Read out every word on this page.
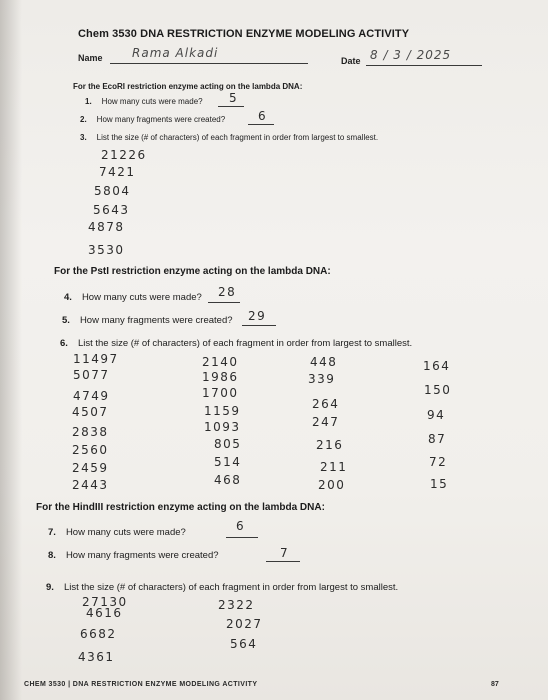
Chem 3530 DNA RESTRICTION ENZYME MODELING ACTIVITY
Name Rama Alkadi
Date 8 / 3 / 2025
For the EcoRI restriction enzyme acting on the lambda DNA:
1. How many cuts were made? 5
2. How many fragments were created?	6
3. List the size (# of characters) of each fragment in order from largest to smallest.
21226
7421
5804
5643
4878
3530
For the PstI restriction enzyme acting on the lambda DNA:
4. How many cuts were made? 28
5. How many fragments were created? 29
6. List the size (# of characters) of each fragment in order from largest to smallest.
11497
5077
4749
4507
2838
2560
2459
2443
2140
1986
1700
1159
1093
805
514
468
448
339
264
247
216
211
200
164
150
94
87
72
15
For the HindIII restriction enzyme acting on the lambda DNA:
7. How many cuts were made?	6
8. How many fragments were created?	7
9. List the size (# of characters) of each fragment in order from largest to smallest.
27130
4616
6682
4361
2322
2027
564
CHEM 3530 | DNA RESTRICTION ENZYME MODELING ACTIVITY	87
